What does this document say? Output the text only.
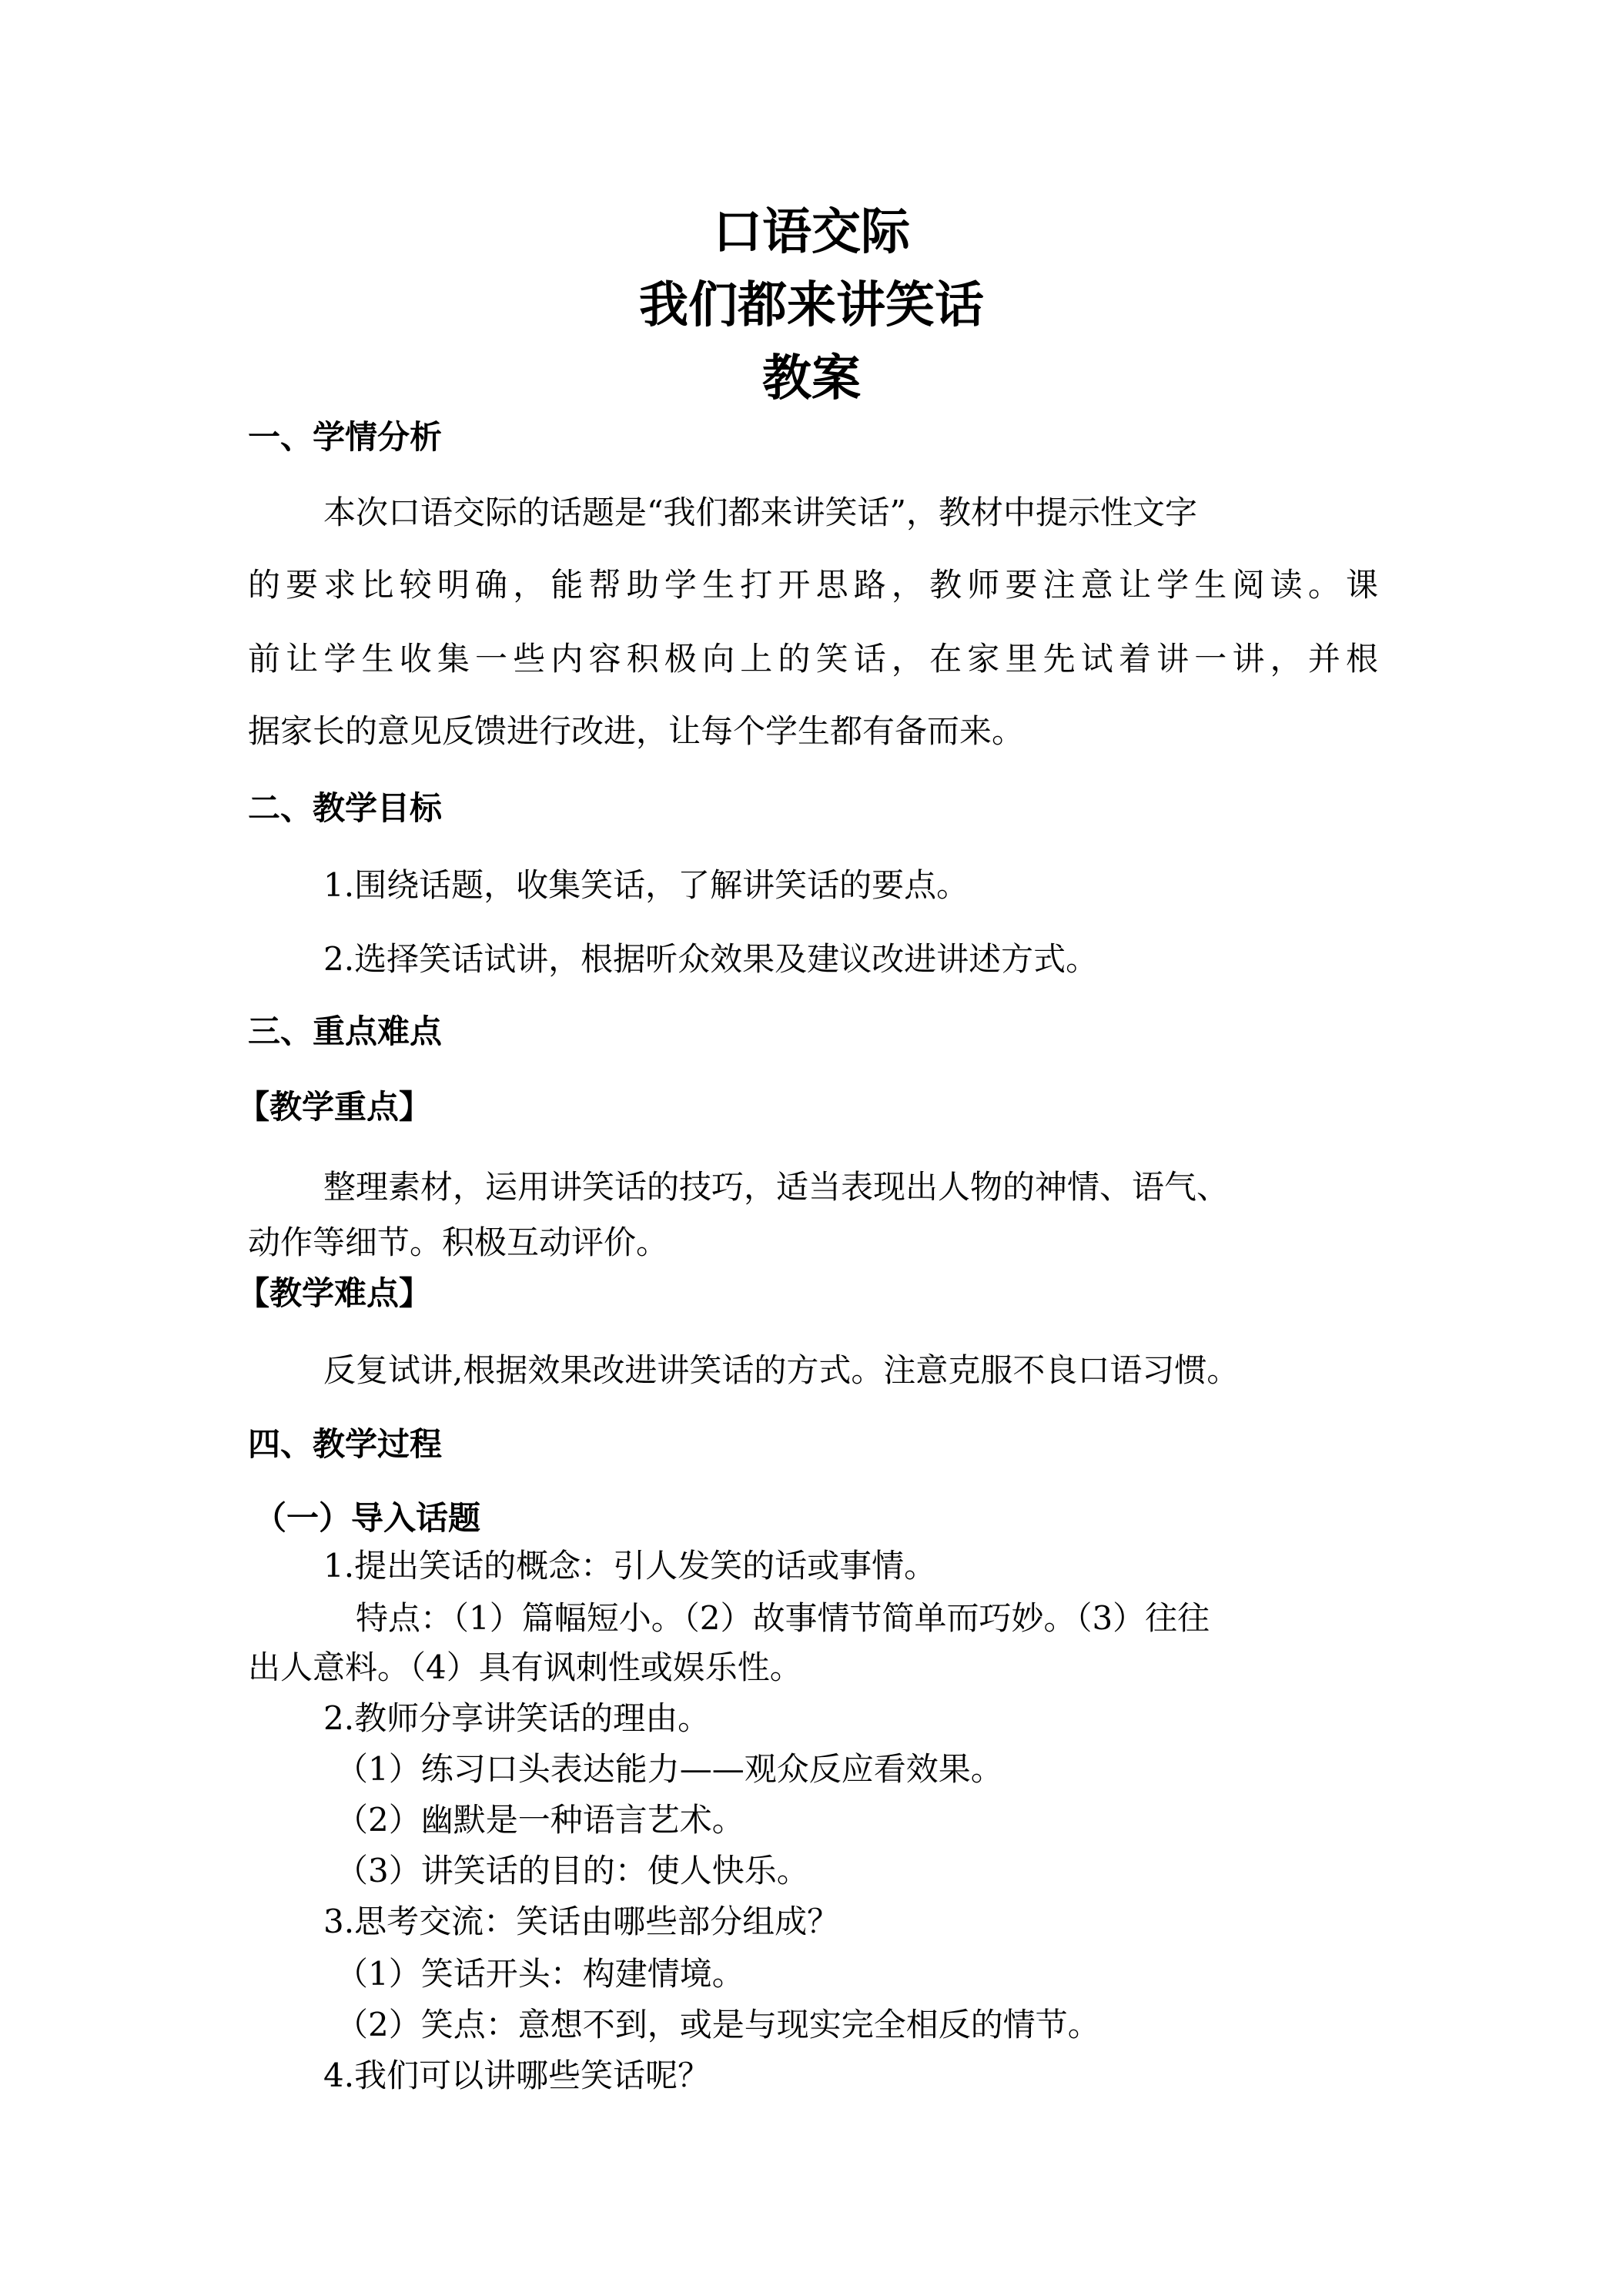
口语交际
我们都来讲笑话
教案
一、学情分析

本次口语交际的话题是“我们都来讲笑话”，教材中提示性文字

的要求比较明确，能帮助学生打开思路，教师要注意让学生阅读。课

前让学生收集一些内容积极向上的笑话，在家里先试着讲一讲，并根

据家长的意见反馈进行改进，让每个学生都有备而来。

二、教学目标

1.围绕话题，收集笑话，了解讲笑话的要点。

2.选择笑话试讲，根据听众效果及建议改进讲述方式。

三、重点难点

【教学重点】

整理素材，运用讲笑话的技巧，适当表现出人物的神情、语气、

动作等细节。积极互动评价。

【教学难点】

反复试讲,根据效果改进讲笑话的方式。注意克服不良口语习惯。

四、教学过程

（一）导入话题

1.提出笑话的概念：引人发笑的话或事情。

特点：（1）篇幅短小。（2）故事情节简单而巧妙。（3）往往

出人意料。（4）具有讽刺性或娱乐性。

2.教师分享讲笑话的理由。

（1）练习口头表达能力——观众反应看效果。

（2）幽默是一种语言艺术。

（3）讲笑话的目的：使人快乐。

3.思考交流：笑话由哪些部分组成？

（1）笑话开头：构建情境。

（2）笑点：意想不到，或是与现实完全相反的情节。

4.我们可以讲哪些笑话呢？
